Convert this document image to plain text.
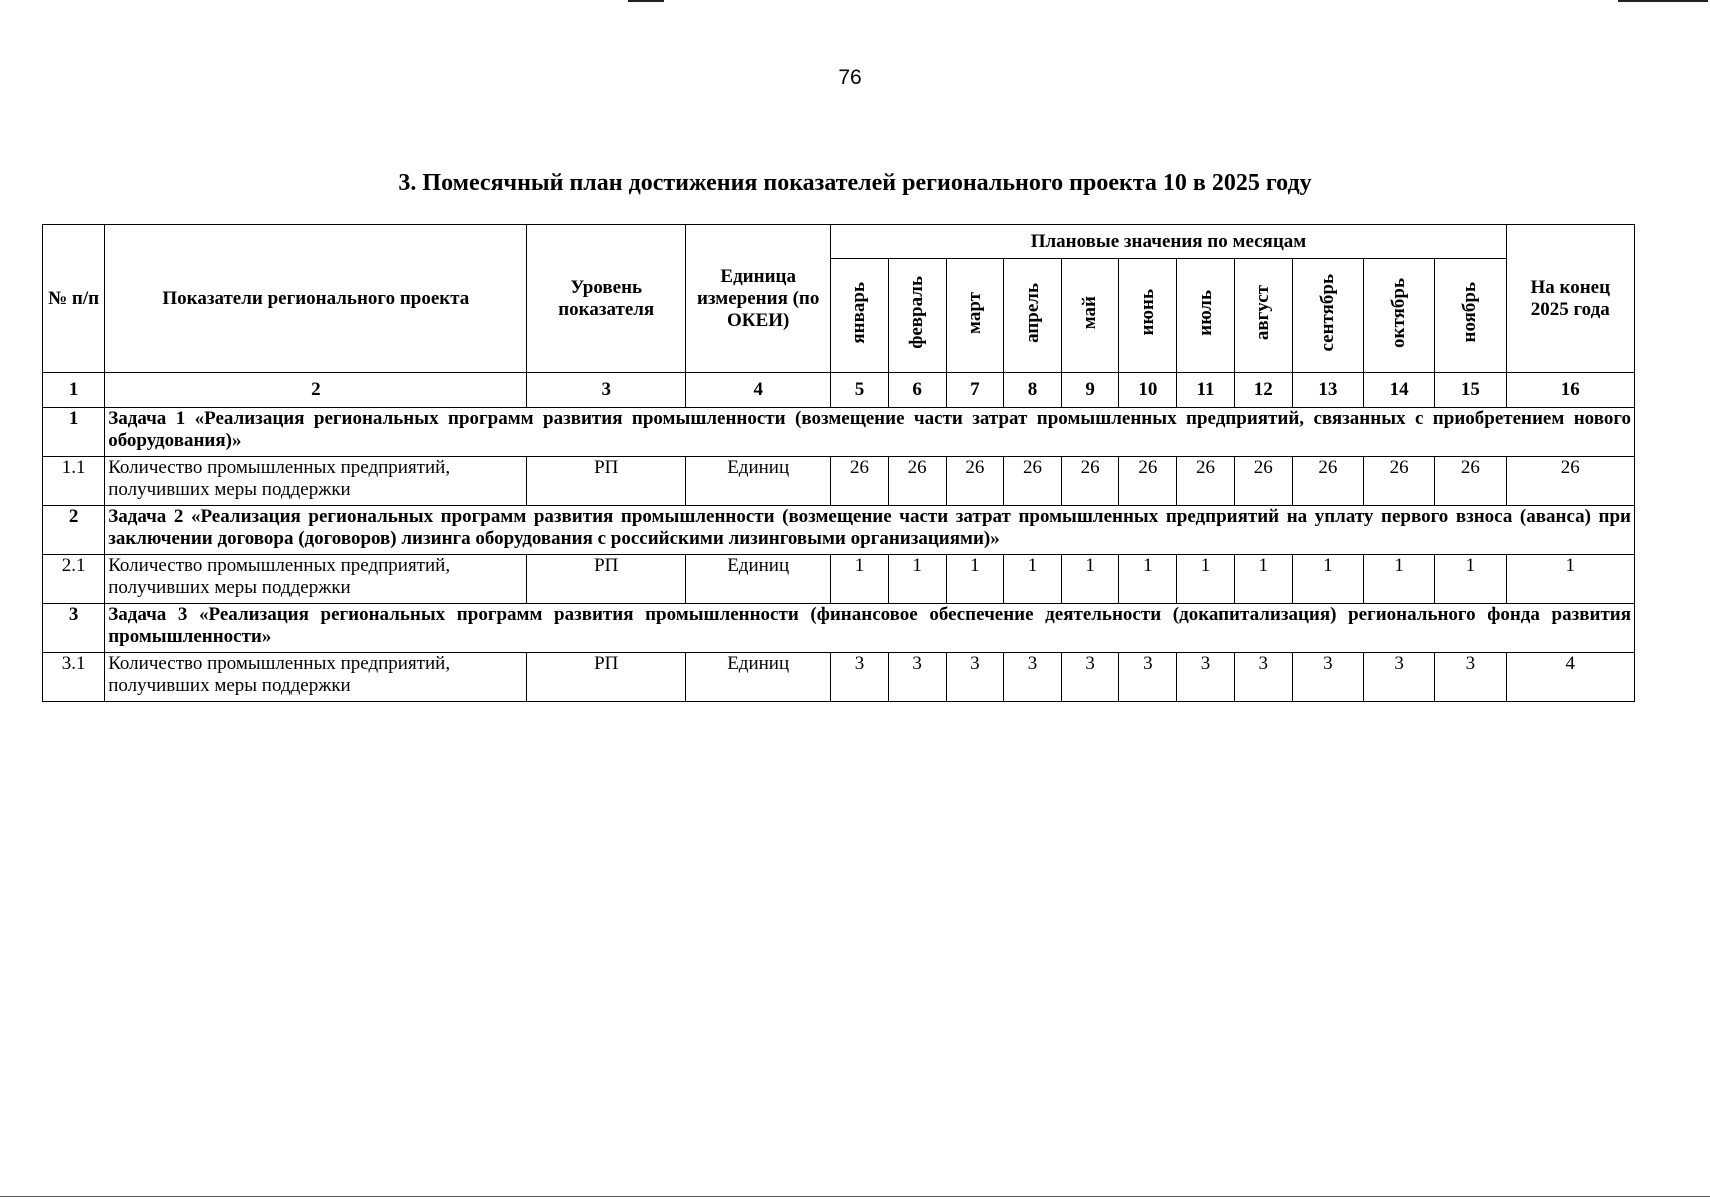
76
3. Помесячный план достижения показателей регионального проекта 10 в 2025 году
№ п/п	Показатели регионального проекта	Уровень показателя	Единица измерения (по ОКЕИ)	Плановые значения по месяцам											На конец 2025 года
				январь	февраль	март	апрель	май	июнь	июль	август	сентябрь	октябрь	ноябрь	
1	2	3	4	5	6	7	8	9	10	11	12	13	14	15	16
1	Задача 1 «Реализация региональных программ развития промышленности (возмещение части затрат промышленных предприятий, связанных с приобретением нового оборудования)»														
1.1	Количество промышленных предприятий, получивших меры поддержки	РП	Единиц	26	26	26	26	26	26	26	26	26	26	26	26
2	Задача 2 «Реализация региональных программ развития промышленности (возмещение части затрат промышленных предприятий на уплату первого взноса (аванса) при заключении договора (договоров) лизинга оборудования с российскими лизинговыми организациями)»														
2.1	Количество промышленных предприятий, получивших меры поддержки	РП	Единиц	1	1	1	1	1	1	1	1	1	1	1	1
3	Задача 3 «Реализация региональных программ развития промышленности (финансовое обеспечение деятельности (докапитализация) регионального фонда развития промышленности»														
3.1	Количество промышленных предприятий, получивших меры поддержки	РП	Единиц	3	3	3	3	3	3	3	3	3	3	3	4
